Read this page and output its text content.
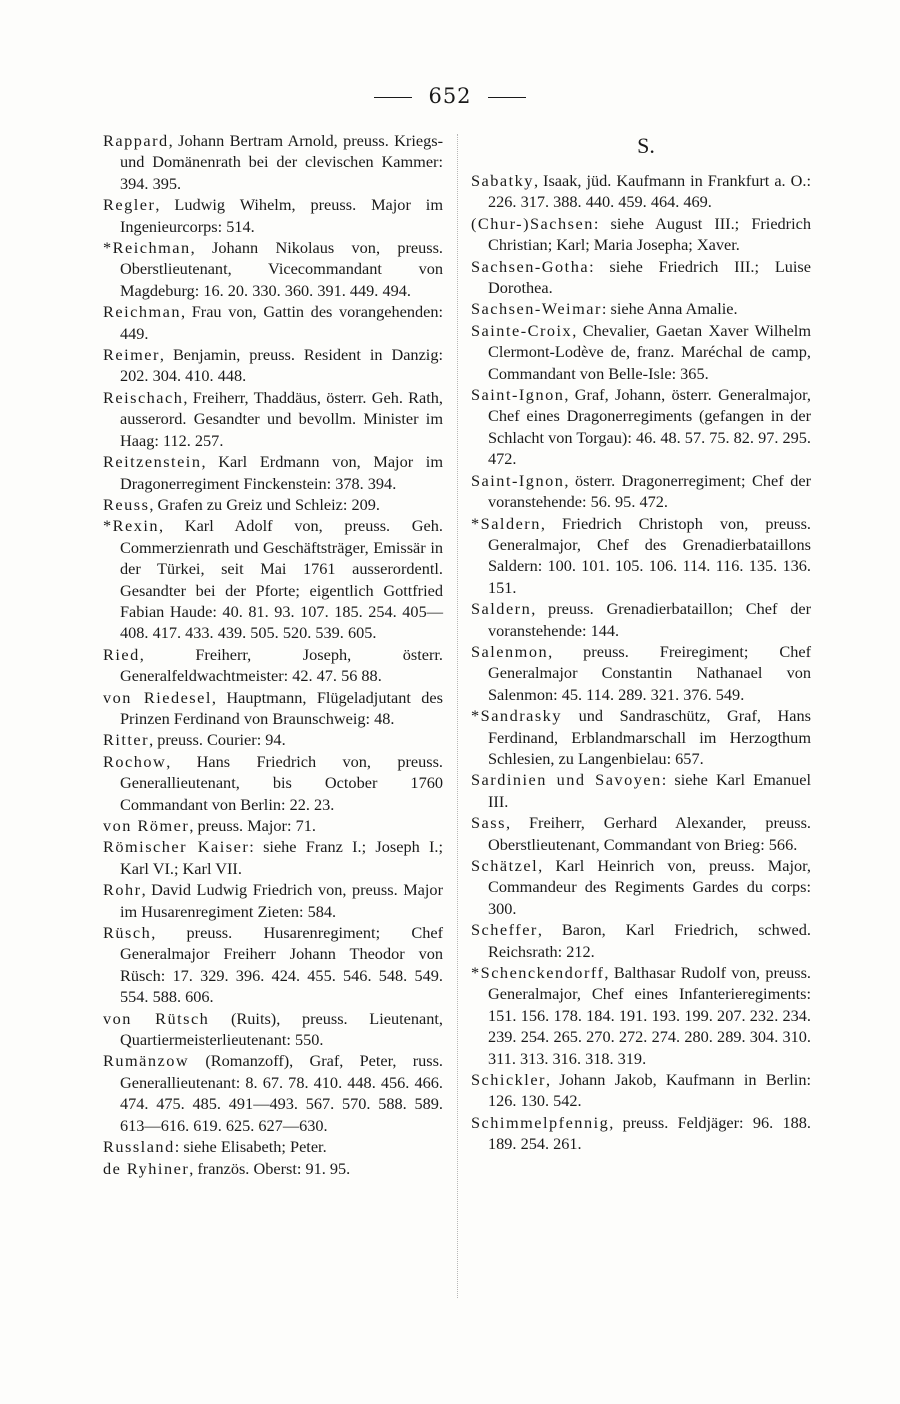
652
Rappard, Johann Bertram Arnold, preuss. Kriegs- und Domänenrath bei der clevischen Kammer: 394. 395.
Regler, Ludwig Wihelm, preuss. Major im Ingenieurcorps: 514.
*Reichman, Johann Nikolaus von, preuss. Oberstlieutenant, Vicecommandant von Magdeburg: 16. 20. 330. 360. 391. 449. 494.
Reichman, Frau von, Gattin des vorangehenden: 449.
Reimer, Benjamin, preuss. Resident in Danzig: 202. 304. 410. 448.
Reischach, Freiherr, Thaddäus, österr. Geh. Rath, ausserord. Gesandter und bevollm. Minister im Haag: 112. 257.
Reitzenstein, Karl Erdmann von, Major im Dragonerregiment Finckenstein: 378. 394.
Reuss, Grafen zu Greiz und Schleiz: 209.
*Rexin, Karl Adolf von, preuss. Geh. Commerzienrath und Geschäftsträger, Emissär in der Türkei, seit Mai 1761 ausserordentl. Gesandter bei der Pforte; eigentlich Gottfried Fabian Haude: 40. 81. 93. 107. 185. 254. 405—408. 417. 433. 439. 505. 520. 539. 605.
Ried, Freiherr, Joseph, österr. Generalfeldwachtmeister: 42. 47. 56 88.
von Riedesel, Hauptmann, Flügeladjutant des Prinzen Ferdinand von Braunschweig: 48.
Ritter, preuss. Courier: 94.
Rochow, Hans Friedrich von, preuss. Generallieutenant, bis October 1760 Commandant von Berlin: 22. 23.
von Römer, preuss. Major: 71.
Römischer Kaiser: siehe Franz I.; Joseph I.; Karl VI.; Karl VII.
Rohr, David Ludwig Friedrich von, preuss. Major im Husarenregiment Zieten: 584.
Rüsch, preuss. Husarenregiment; Chef Generalmajor Freiherr Johann Theodor von Rüsch: 17. 329. 396. 424. 455. 546. 548. 549. 554. 588. 606.
von Rütsch (Ruits), preuss. Lieutenant, Quartiermeisterlieutenant: 550.
Rumänzow (Romanzoff), Graf, Peter, russ. Generallieutenant: 8. 67. 78. 410. 448. 456. 466. 474. 475. 485. 491—493. 567. 570. 588. 589. 613—616. 619. 625. 627—630.
Russland: siehe Elisabeth; Peter.
de Ryhiner, französ. Oberst: 91. 95.
S.
Sabatky, Isaak, jüd. Kaufmann in Frankfurt a. O.: 226. 317. 388. 440. 459. 464. 469.
(Chur-)Sachsen: siehe August III.; Friedrich Christian; Karl; Maria Josepha; Xaver.
Sachsen-Gotha: siehe Friedrich III.; Luise Dorothea.
Sachsen-Weimar: siehe Anna Amalie.
Sainte-Croix, Chevalier, Gaetan Xaver Wilhelm Clermont-Lodève de, franz. Maréchal de camp, Commandant von Belle-Isle: 365.
Saint-Ignon, Graf, Johann, österr. Generalmajor, Chef eines Dragonerregiments (gefangen in der Schlacht von Torgau): 46. 48. 57. 75. 82. 97. 295. 472.
Saint-Ignon, österr. Dragonerregiment; Chef der voranstehende: 56. 95. 472.
*Saldern, Friedrich Christoph von, preuss. Generalmajor, Chef des Grenadierbataillons Saldern: 100. 101. 105. 106. 114. 116. 135. 136. 151.
Saldern, preuss. Grenadierbataillon; Chef der voranstehende: 144.
Salenmon, preuss. Freiregiment; Chef Generalmajor Constantin Nathanael von Salenmon: 45. 114. 289. 321. 376. 549.
*Sandrasky und Sandraschütz, Graf, Hans Ferdinand, Erblandmarschall im Herzogthum Schlesien, zu Langenbielau: 657.
Sardinien und Savoyen: siehe Karl Emanuel III.
Sass, Freiherr, Gerhard Alexander, preuss. Oberstlieutenant, Commandant von Brieg: 566.
Schätzel, Karl Heinrich von, preuss. Major, Commandeur des Regiments Gardes du corps: 300.
Scheffer, Baron, Karl Friedrich, schwed. Reichsrath: 212.
*Schenckendorff, Balthasar Rudolf von, preuss. Generalmajor, Chef eines Infanterieregiments: 151. 156. 178. 184. 191. 193. 199. 207. 232. 234. 239. 254. 265. 270. 272. 274. 280. 289. 304. 310. 311. 313. 316. 318. 319.
Schickler, Johann Jakob, Kaufmann in Berlin: 126. 130. 542.
Schimmelpfennig, preuss. Feldjäger: 96. 188. 189. 254. 261.
